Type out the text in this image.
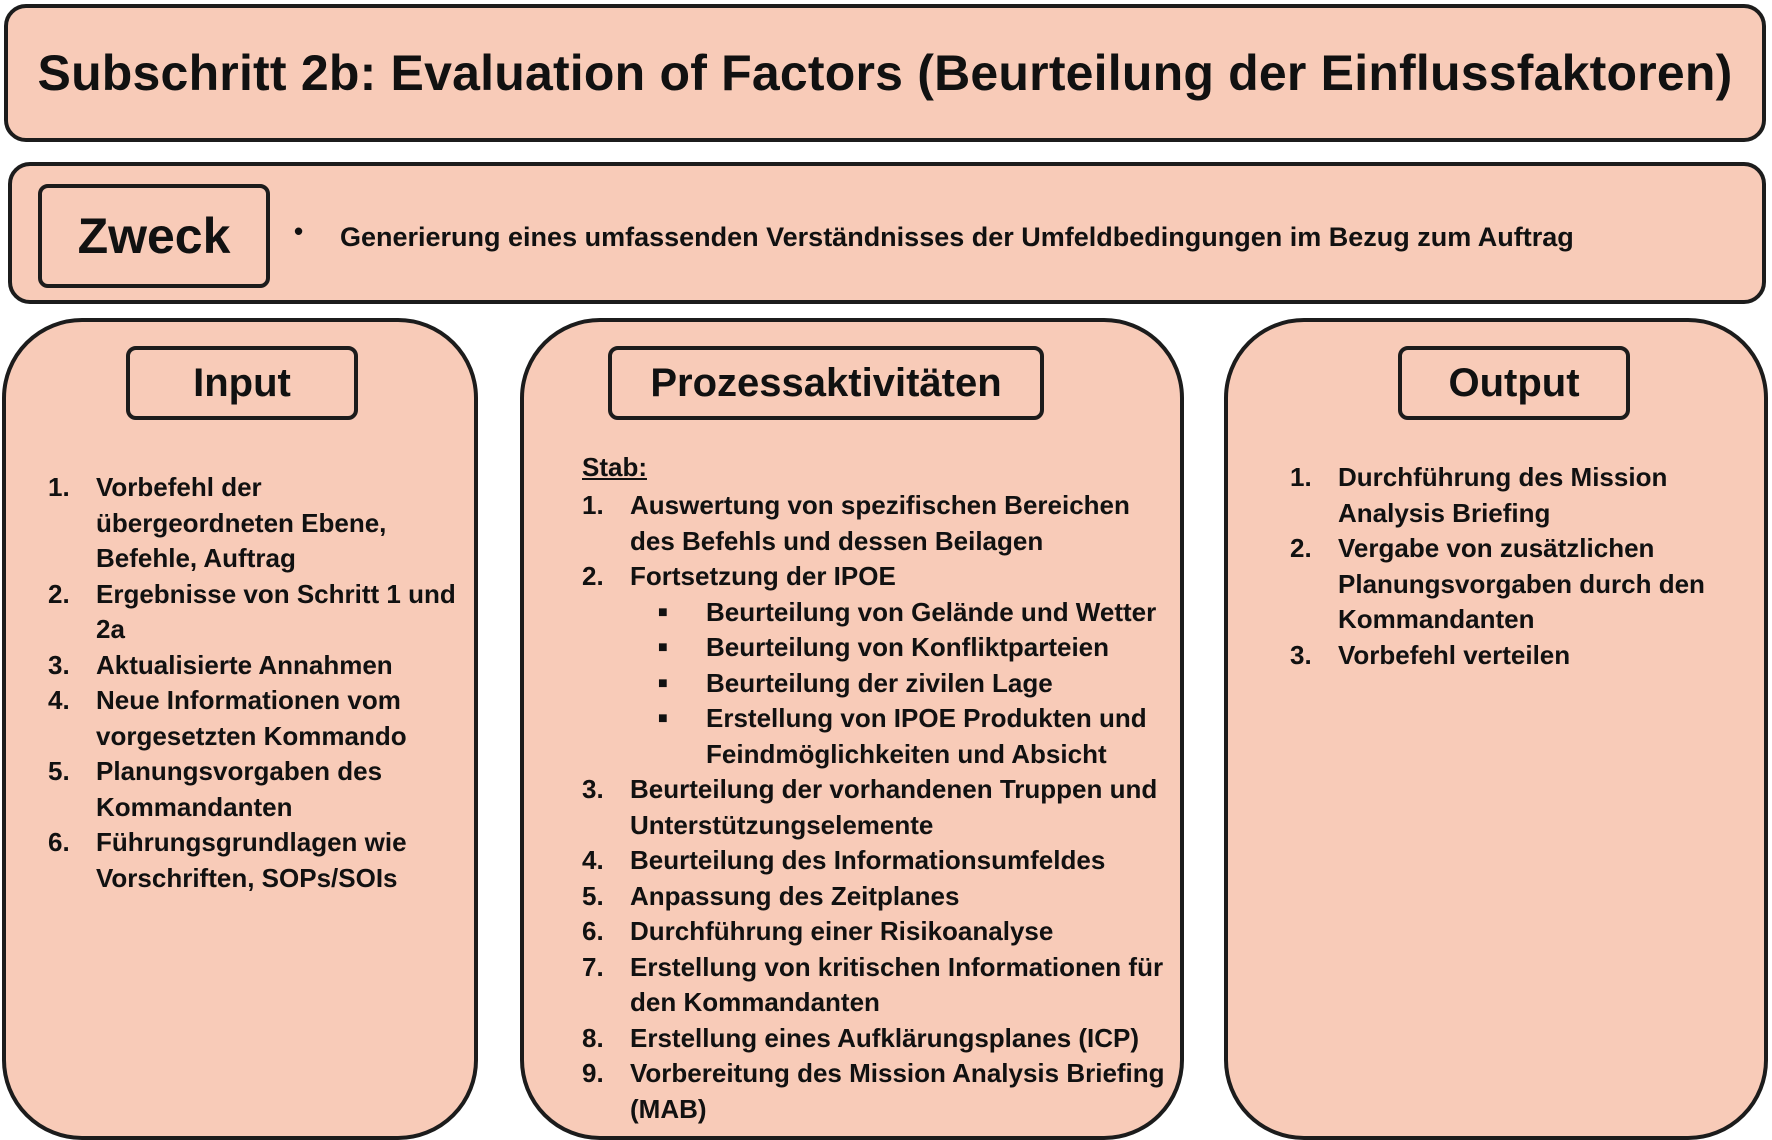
Subschritt 2b: Evaluation of Factors (Beurteilung der Einflussfaktoren)
Zweck	• Generierung eines umfassenden Verständnisses der Umfeldbedingungen im Bezug zum Auftrag
Input
1. Vorbefehl der übergeordneten Ebene, Befehle, Auftrag
2. Ergebnisse von Schritt 1 und 2a
3. Aktualisierte Annahmen
4. Neue Informationen vom vorgesetzten Kommando
5. Planungsvorgaben des Kommandanten
6. Führungsgrundlagen wie Vorschriften, SOPs/SOIs
Prozessaktivitäten
Stab:
1. Auswertung von spezifischen Bereichen des Befehls und dessen Beilagen
2. Fortsetzung der IPOE
■ Beurteilung von Gelände und Wetter
■ Beurteilung von Konfliktparteien
■ Beurteilung der zivilen Lage
■ Erstellung von IPOE Produkten und Feindmöglichkeiten und Absicht
3. Beurteilung der vorhandenen Truppen und Unterstützungselemente
4. Beurteilung des Informationsumfeldes
5. Anpassung des Zeitplanes
6. Durchführung einer Risikoanalyse
7. Erstellung von kritischen Informationen für den Kommandanten
8. Erstellung eines Aufklärungsplanes (ICP)
9. Vorbereitung des Mission Analysis Briefing (MAB)
Output
1. Durchführung des Mission Analysis Briefing
2. Vergabe von zusätzlichen Planungsvorgaben durch den Kommandanten
3. Vorbefehl verteilen
